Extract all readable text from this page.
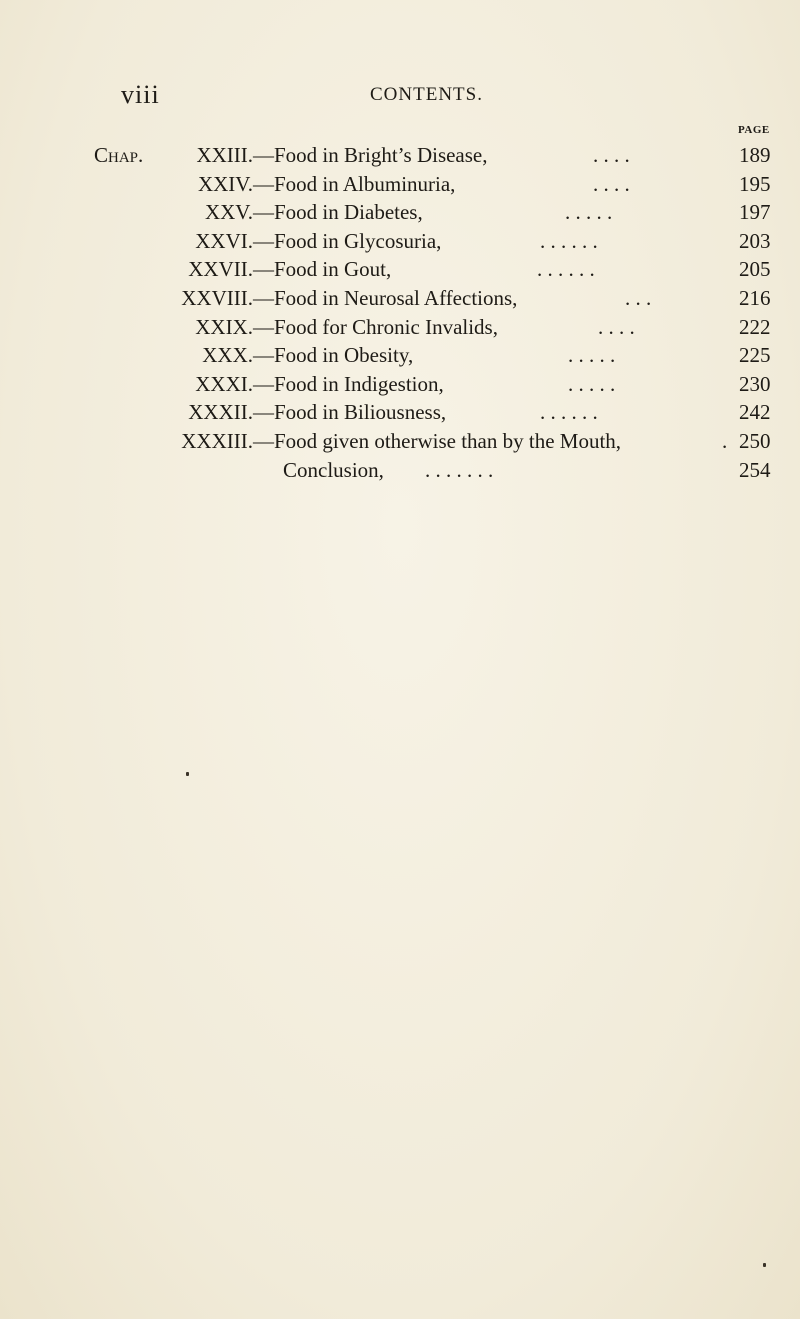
viii	CONTENTS.
PAGE
Chap.	XXIII. —Food in Bright’s Disease,	. . . .	189
XXIV. —Food in Albuminuria,	. . . .	195
XXV. —Food in Diabetes,	. . . . .	197
XXVI. —Food in Glycosuria,	. . . . . .	203
XXVII. —Food in Gout,	. . . . . .	205
XXVIII. —Food in Neurosal Affections,	. . .	216
XXIX. —Food for Chronic Invalids,	. . . .	222
XXX. —Food in Obesity,	. . . . .	225
XXXI. —Food in Indigestion,	. . . . .	230
XXXII. —Food in Biliousness,	. . . . . .	242
XXXIII. —Food given otherwise than by the Mouth,	. 250
Conclusion, . . . . . . .	254
